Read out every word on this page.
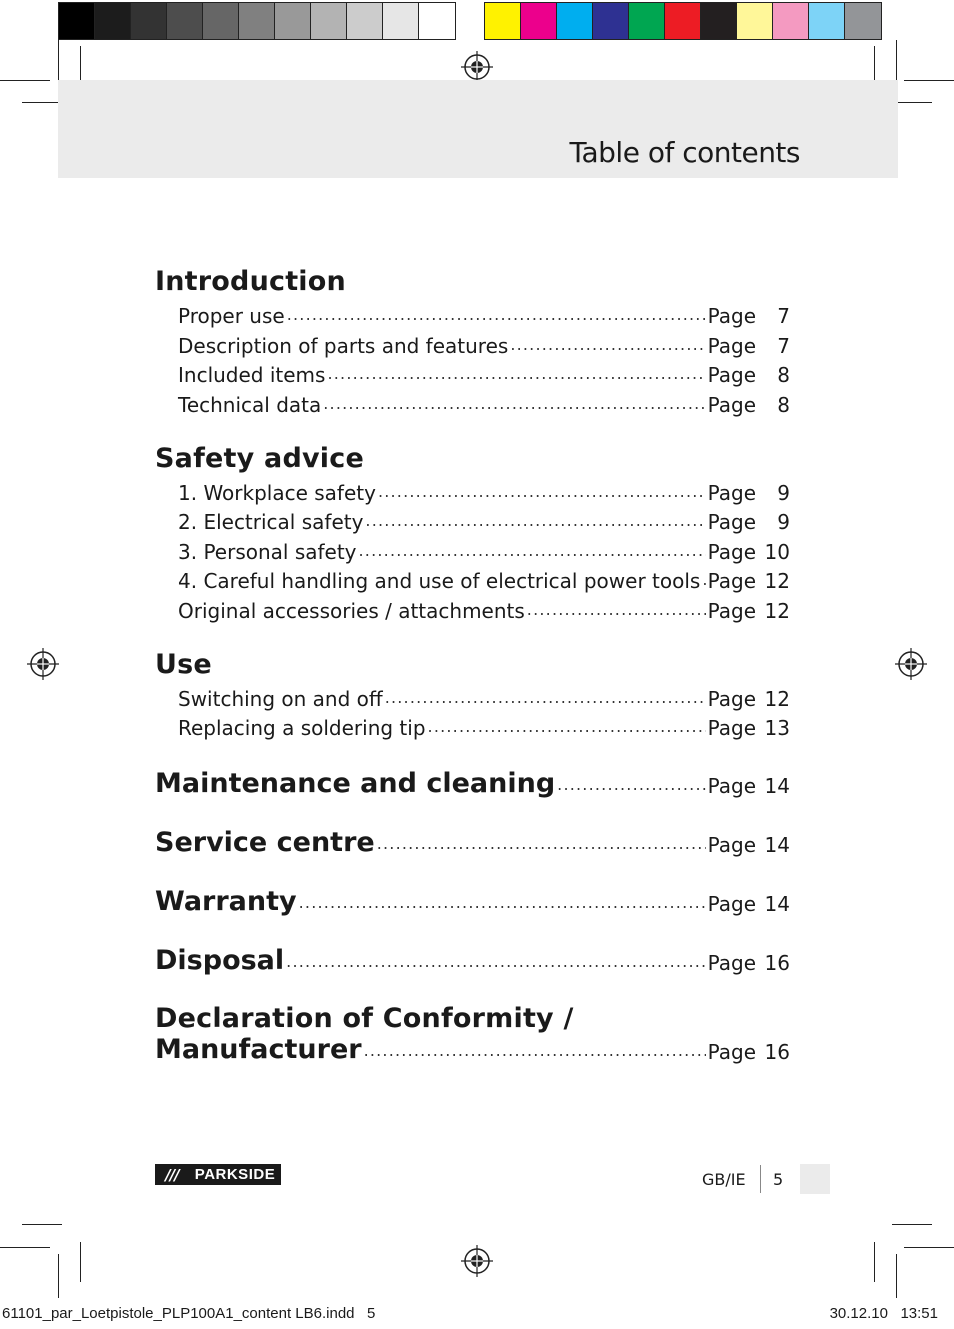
Table of contents
Introduction
Proper use .....	Page 7
Description of parts and features .....	Page 7
Included items .....	Page 8
Technical data .....	Page 8
Safety advice
1. Workplace safety .....	Page 9
2. Electrical safety .....	Page 9
3. Personal safety .....	Page 10
4. Careful handling and use of electrical power tools ..... Page 12
Original accessories / attachments .....	Page 12
Use
Switching on and off .....	Page 12
Replacing a soldering tip .....	Page 13
Maintenance and cleaning .....	Page 14
Service centre .....	Page 14
Warranty .....	Page 14
Disposal .....	Page 16
Declaration of Conformity /
Manufacturer .....	Page 16
///	PARKSIDE	GB/IE 5
61101_par_Loetpistole_PLP100A1_content LB6.indd   5	30.12.10   13:51
